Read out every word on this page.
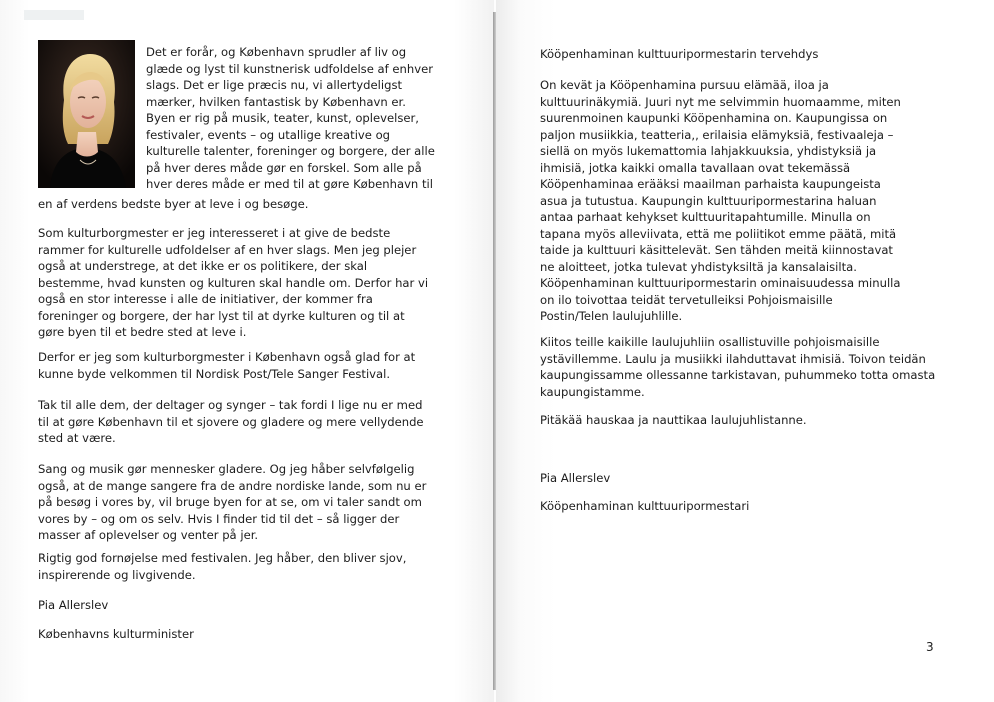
Det er forår, og København sprudler af liv og

glæde og lyst til kunstnerisk udfoldelse af enhver

slags. Det er lige præcis nu, vi allertydeligst

mærker, hvilken fantastisk by København er.

Byen er rig på musik, teater, kunst, oplevelser,

festivaler, events – og utallige kreative og

kulturelle talenter, foreninger og borgere, der alle

på hver deres måde gør en forskel. Som alle på

hver deres måde er med til at gøre København til

en af verdens bedste byer at leve i og besøge.

Som kulturborgmester er jeg interesseret i at give de bedste

rammer for kulturelle udfoldelser af en hver slags. Men jeg plejer

også at understrege, at det ikke er os politikere, der skal

bestemme, hvad kunsten og kulturen skal handle om. Derfor har vi

også en stor interesse i alle de initiativer, der kommer fra

foreninger og borgere, der har lyst til at dyrke kulturen og til at

gøre byen til et bedre sted at leve i.

Derfor er jeg som kulturborgmester i København også glad for at

kunne byde velkommen til Nordisk Post/Tele Sanger Festival.

Tak til alle dem, der deltager og synger – tak fordi I lige nu er med

til at gøre København til et sjovere og gladere og mere vellydende

sted at være.

Sang og musik gør mennesker gladere. Og jeg håber selvfølgelig

også, at de mange sangere fra de andre nordiske lande, som nu er

på besøg i vores by, vil bruge byen for at se, om vi taler sandt om

vores by – og om os selv. Hvis I finder tid til det – så ligger der

masser af oplevelser og venter på jer.

Rigtig god fornøjelse med festivalen. Jeg håber, den bliver sjov,

inspirerende og livgivende.

Pia Allerslev

Københavns kulturminister

Kööpenhaminan kulttuuripormestarin tervehdys

On kevät ja Kööpenhamina pursuu elämää, iloa ja

kulttuurinäkymiä. Juuri nyt me selvimmin huomaamme, miten

suurenmoinen kaupunki Kööpenhamina on. Kaupungissa on

paljon musiikkia, teatteria,, erilaisia elämyksiä, festivaaleja –

siellä on myös lukemattomia lahjakkuuksia, yhdistyksiä ja

ihmisiä, jotka kaikki omalla tavallaan ovat tekemässä

Kööpenhaminaa erääksi maailman parhaista kaupungeista

asua ja tutustua. Kaupungin kulttuuripormestarina haluan

antaa parhaat kehykset kulttuuritapahtumille. Minulla on

tapana myös alleviivata, että me poliitikot emme päätä, mitä

taide ja kulttuuri käsittelevät. Sen tähden meitä kiinnostavat

ne aloitteet, jotka tulevat yhdistyksiltä ja kansalaisilta.

Kööpenhaminan kulttuuripormestarin ominaisuudessa minulla

on ilo toivottaa teidät tervetulleiksi Pohjoismaisille

Postin/Telen laulujuhlille.

Kiitos teille kaikille laulujuhliin osallistuville pohjoismaisille

ystävillemme. Laulu ja musiikki ilahduttavat ihmisiä. Toivon teidän

kaupungissamme ollessanne tarkistavan, puhummeko totta omasta

kaupungistamme.

Pitäkää hauskaa ja nauttikaa laulujuhlistanne.

Pia Allerslev

Kööpenhaminan kulttuuripormestari

3
